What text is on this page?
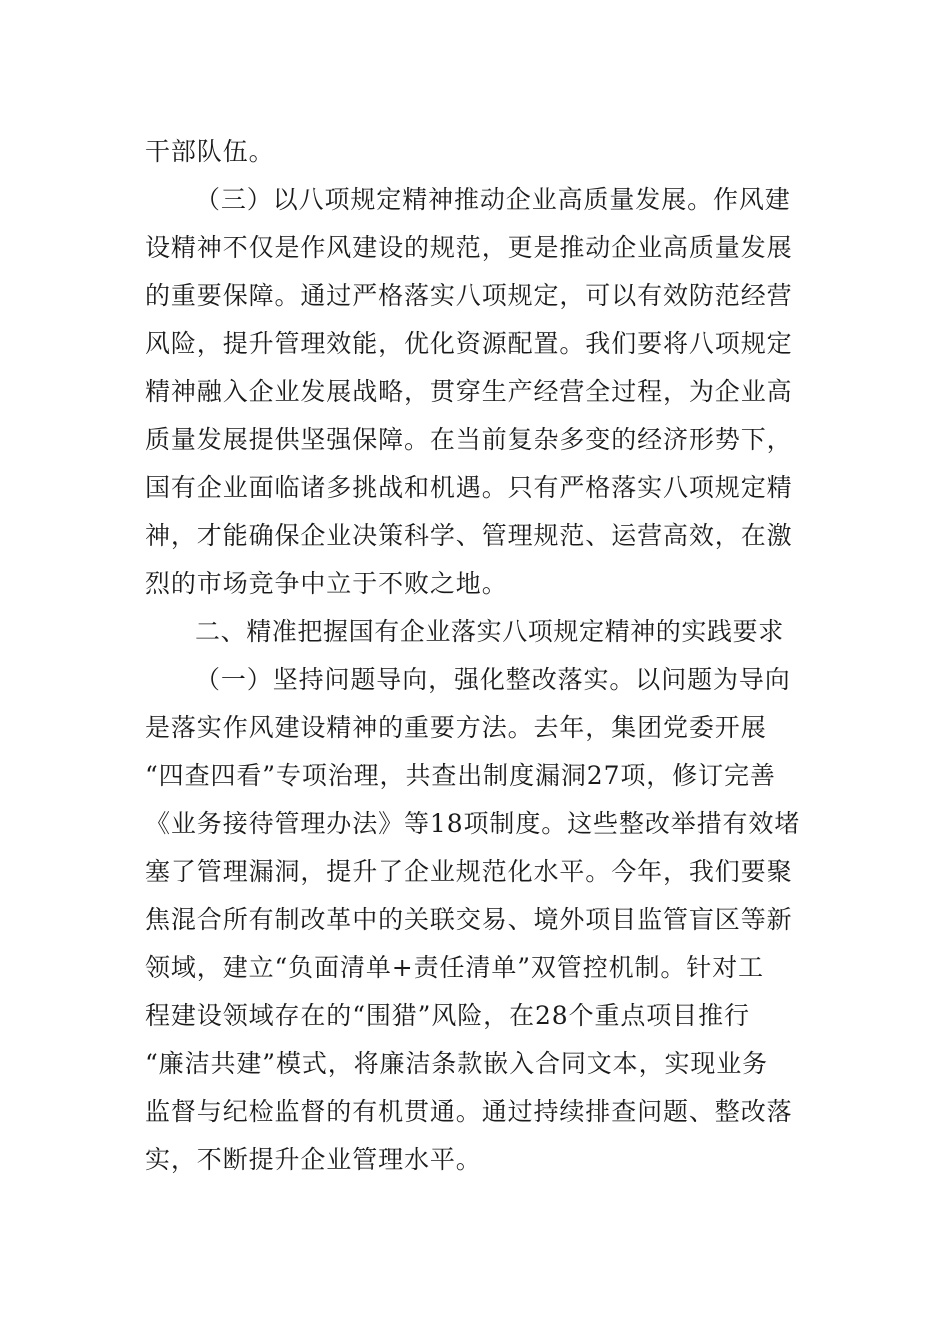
干部队伍。
（三）以八项规定精神推动企业高质量发展。作风建
设精神不仅是作风建设的规范，更是推动企业高质量发展
的重要保障。通过严格落实八项规定，可以有效防范经营
风险，提升管理效能，优化资源配置。我们要将八项规定
精神融入企业发展战略，贯穿生产经营全过程，为企业高
质量发展提供坚强保障。在当前复杂多变的经济形势下，
国有企业面临诸多挑战和机遇。只有严格落实八项规定精
神，才能确保企业决策科学、管理规范、运营高效，在激
烈的市场竞争中立于不败之地。
二、精准把握国有企业落实八项规定精神的实践要求
（一）坚持问题导向，强化整改落实。以问题为导向
是落实作风建设精神的重要方法。去年，集团党委开展
“四查四看”专项治理，共查出制度漏洞27项，修订完善
《业务接待管理办法》等18项制度。这些整改举措有效堵
塞了管理漏洞，提升了企业规范化水平。今年，我们要聚
焦混合所有制改革中的关联交易、境外项目监管盲区等新
领域，建立“负面清单+责任清单”双管控机制。针对工
程建设领域存在的“围猎”风险，在28个重点项目推行
“廉洁共建”模式，将廉洁条款嵌入合同文本，实现业务
监督与纪检监督的有机贯通。通过持续排查问题、整改落
实，不断提升企业管理水平。
